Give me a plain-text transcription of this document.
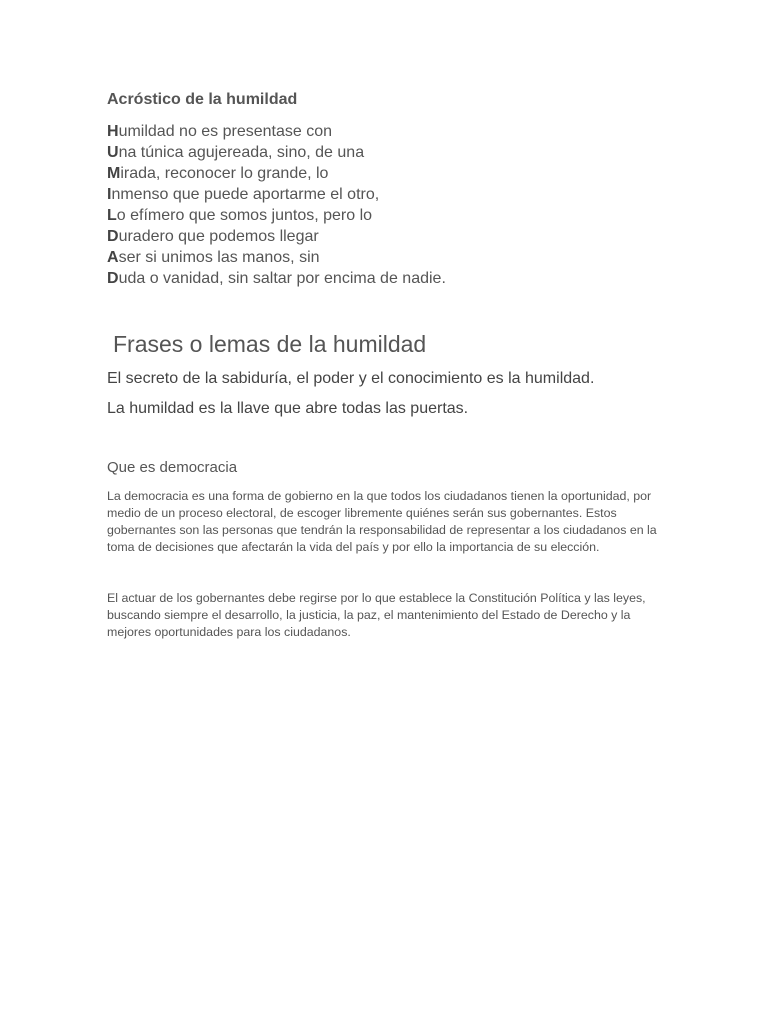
Acróstico de la humildad
Humildad no es presentase con
Una túnica agujereada, sino, de una
Mirada, reconocer lo grande, lo
Inmenso que puede aportarme el otro,
Lo efímero que somos juntos, pero lo
Duradero que podemos llegar
Aser si unimos las manos, sin
Duda o vanidad, sin saltar por encima de nadie.
Frases o lemas de la humildad
El secreto de la sabiduría, el poder y el conocimiento es la humildad.
La humildad es la llave que abre todas las puertas.
Que es democracia

La democracia es una forma de gobierno en la que todos los ciudadanos tienen la oportunidad, por medio de un proceso electoral, de escoger libremente quiénes serán sus gobernantes. Estos gobernantes son las personas que tendrán la responsabilidad de representar a los ciudadanos en la toma de decisiones que afectarán la vida del país y por ello la importancia de su elección.

El actuar de los gobernantes debe regirse por lo que establece la Constitución Política y las leyes, buscando siempre el desarrollo, la justicia, la paz, el mantenimiento del Estado de Derecho y la mejores oportunidades para los ciudadanos.
